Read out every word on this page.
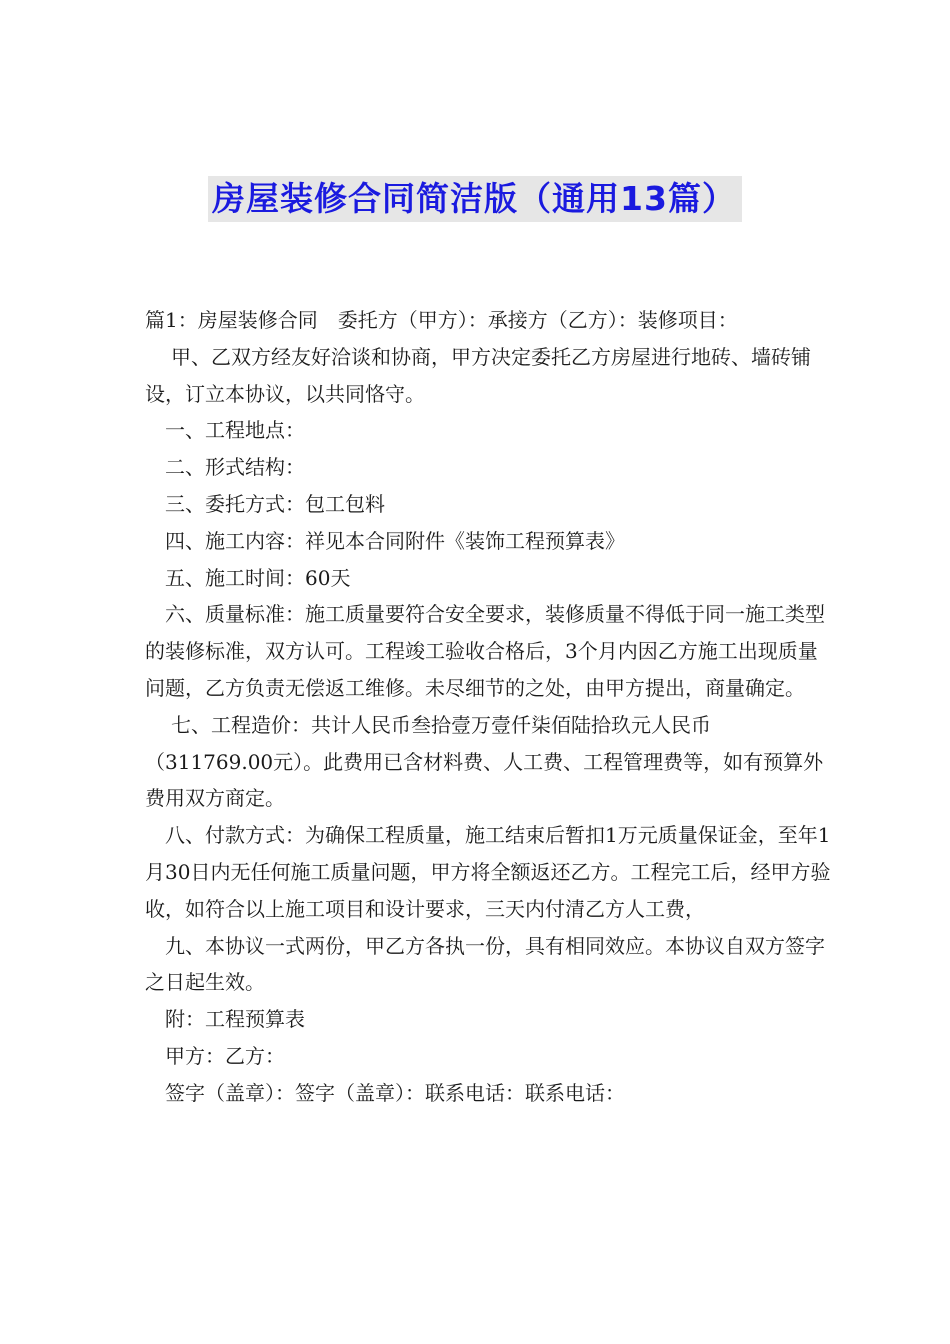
房屋装修合同简洁版（通用13篇）

篇1：房屋装修合同　委托方（甲方）：承接方（乙方）：装修项目：

甲、乙双方经友好洽谈和协商，甲方决定委托乙方房屋进行地砖、墙砖铺设，订立本协议，以共同恪守。

一、工程地点：

二、形式结构：

三、委托方式：包工包料

四、施工内容：祥见本合同附件《装饰工程预算表》

五、施工时间：60天

六、质量标准：施工质量要符合安全要求，装修质量不得低于同一施工类型的装修标准，双方认可。工程竣工验收合格后，3个月内因乙方施工出现质量问题，乙方负责无偿返工维修。未尽细节的之处，由甲方提出，商量确定。

七、工程造价：共计人民币叁拾壹万壹仟柒佰陆拾玖元人民币（311769.00元）。此费用已含材料费、人工费、工程管理费等，如有预算外费用双方商定。

八、付款方式：为确保工程质量，施工结束后暂扣1万元质量保证金，至年1月30日内无任何施工质量问题，甲方将全额返还乙方。工程完工后，经甲方验收，如符合以上施工项目和设计要求，三天内付清乙方人工费，

九、本协议一式两份，甲乙方各执一份，具有相同效应。本协议自双方签字之日起生效。

附：工程预算表

甲方：乙方：

签字（盖章）：签字（盖章）：联系电话：联系电话：
